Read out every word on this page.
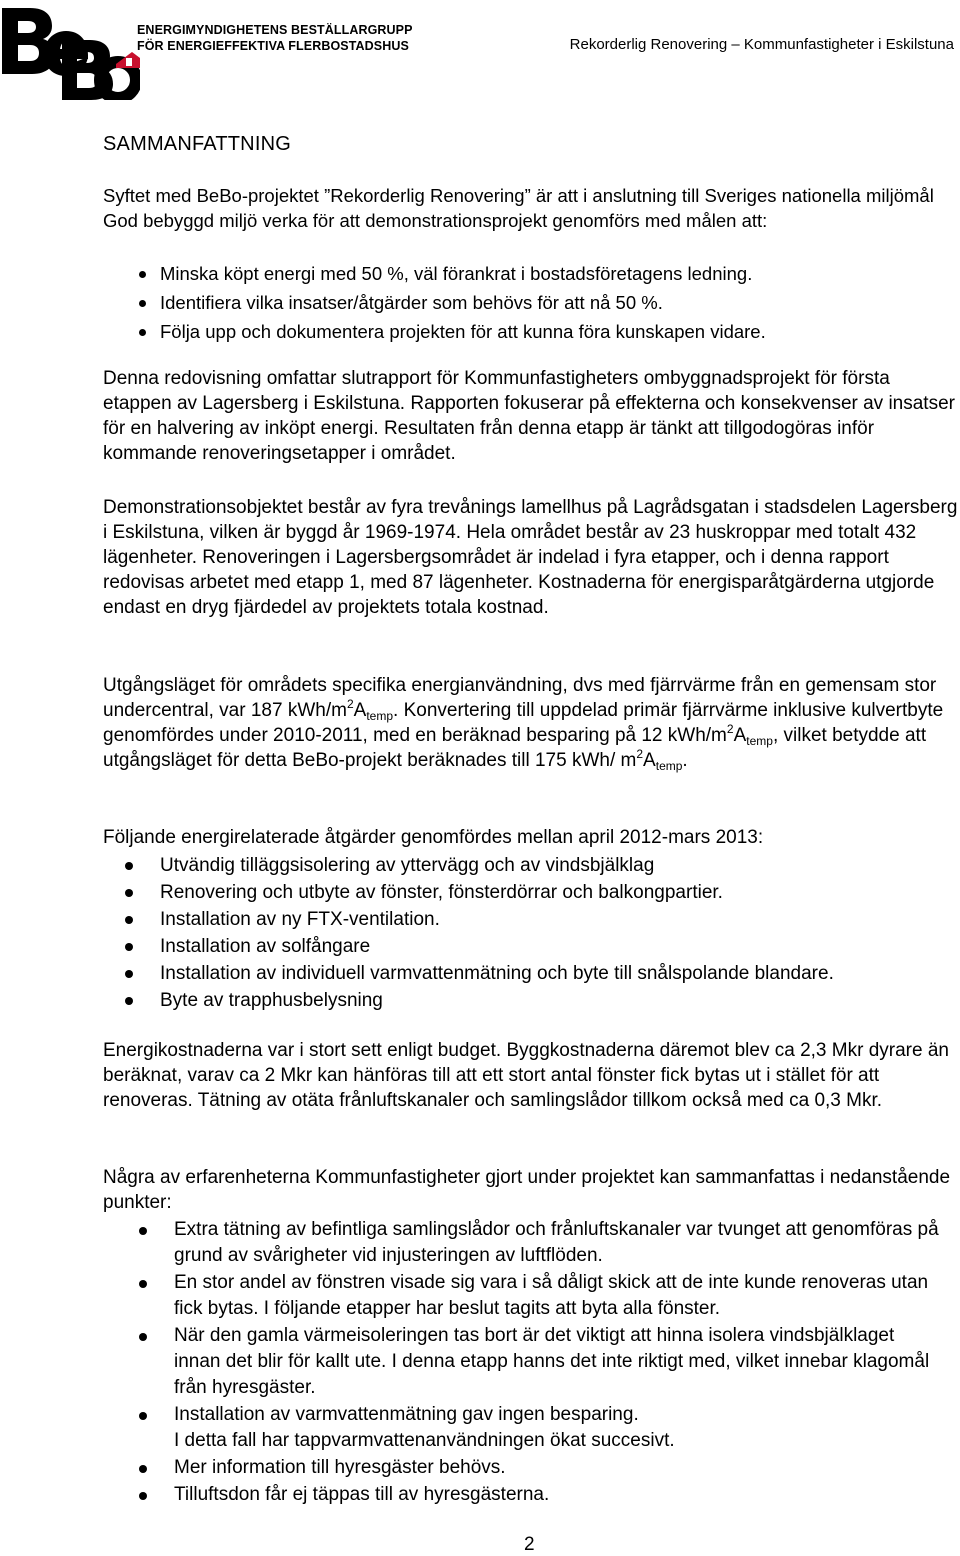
ENERGIMYNDIGHETENS BESTÄLLARGRUPP
FÖR ENERGIEFFEKTIVA FLERBOSTADSHUS	Rekorderlig Renovering – Kommunfastigheter i Eskilstuna
SAMMANFATTNING

Syftet med BeBo-projektet ”Rekorderlig Renovering” är att i anslutning till Sveriges nationella miljömål God bebyggd miljö verka för att demonstrationsprojekt genomförs med målen att:

Minska köpt energi med 50 %, väl förankrat i bostadsföretagens ledning.
Identifiera vilka insatser/åtgärder som behövs för att nå 50 %.
Följa upp och dokumentera projekten för att kunna föra kunskapen vidare.

Denna redovisning omfattar slutrapport för Kommunfastigheters ombyggnadsprojekt för första etappen av Lagersberg i Eskilstuna. Rapporten fokuserar på effekterna och konsekvenser av insatser för en halvering av inköpt energi. Resultaten från denna etapp är tänkt att tillgodogöras inför kommande renoveringsetapper i området.

Demonstrationsobjektet består av fyra trevånings lamellhus på Lagrådsgatan i stadsdelen Lagersberg i Eskilstuna, vilken är byggd år 1969-1974. Hela området består av 23 huskroppar med totalt 432 lägenheter. Renoveringen i Lagersbergsområdet är indelad i fyra etapper, och i denna rapport redovisas arbetet med etapp 1, med 87 lägenheter. Kostnaderna för energisparåtgärderna utgjorde endast en dryg fjärdedel av projektets totala kostnad.

Utgångsläget för områdets specifika energianvändning, dvs med fjärrvärme från en gemensam stor undercentral, var 187 kWh/$m^2A_{temp}$. Konvertering till uppdelad primär fjärrvärme inklusive kulvertbyte genomfördes under 2010-2011, med en beräknad besparing på 12 kWh/$m^2A_{temp}$, vilket betydde att utgångsläget för detta BeBo-projekt beräknades till 175 kWh/ $m^2A_{temp}$.

Följande energirelaterade åtgärder genomfördes mellan april 2012-mars 2013:

Utvändig tilläggsisolering av yttervägg och av vindsbjälklag
Renovering och utbyte av fönster, fönsterdörrar och balkongpartier.
Installation av ny FTX-ventilation.
Installation av solfångare
Installation av individuell varmvattenmätning och byte till snålspolande blandare.
Byte av trapphusbelysning

Energikostnaderna var i stort sett enligt budget. Byggkostnaderna däremot blev ca 2,3 Mkr dyrare än beräknat, varav ca 2 Mkr kan hänföras till att ett stort antal fönster fick bytas ut i stället för att renoveras. Tätning av otäta frånluftskanaler och samlingslådor tillkom också med ca 0,3 Mkr.

Några av erfarenheterna Kommunfastigheter gjort under projektet kan sammanfattas i nedanstående punkter:

Extra tätning av befintliga samlingslådor och frånluftskanaler var tvunget att genomföras på grund av svårigheter vid injusteringen av luftflöden.
En stor andel av fönstren visade sig vara i så dåligt skick att de inte kunde renoveras utan fick bytas. I följande etapper har beslut tagits att byta alla fönster.
När den gamla värmeisoleringen tas bort är det viktigt att hinna isolera vindsbjälklaget innan det blir för kallt ute. I denna etapp hanns det inte riktigt med, vilket innebar klagomål från hyresgäster.
Installation av varmvattenmätning gav ingen besparing.
I detta fall har tappvarmvattenanvändningen ökat succesivt.
Mer information till hyresgäster behövs.
Tilluftsdon får ej täppas till av hyresgästerna.
2
